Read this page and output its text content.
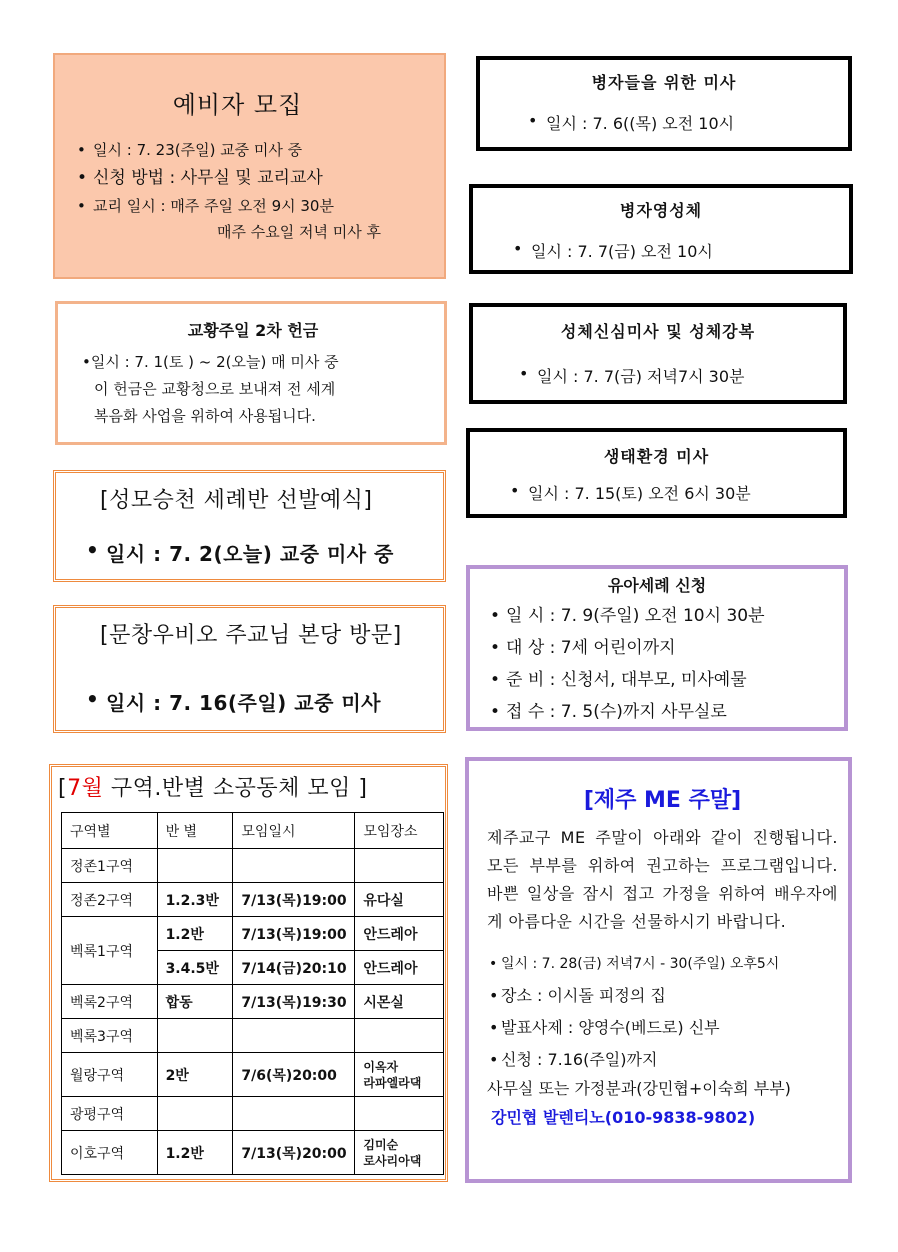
예비자 모집
• 일시 : 7. 23(주일) 교중 미사 중
• 신청 방법 : 사무실 및 교리교사
• 교리 일시 : 매주 주일 오전 9시 30분
매주 수요일 저녁 미사 후
교황주일 2차 헌금

•일시 : 7. 1(토 ) ~ 2(오늘) 매 미사 중

이 헌금은 교황청으로 보내져 전 세계

복음화 사업을 위하여 사용됩니다.

[성모승천 세례반 선발예식]
• 일시 : 7. 2(오늘) 교중 미사 중
[문창우비오 주교님 본당 방문]
• 일시 : 7. 16(주일) 교중 미사
병자들을 위한 미사
• 일시 : 7. 6((목) 오전 10시
병자영성체
• 일시 : 7. 7(금) 오전 10시
성체신심미사 및 성체강복
• 일시 : 7. 7(금) 저녁7시 30분
생태환경 미사
• 일시 : 7. 15(토) 오전 6시 30분
유아세례 신청
• 일 시 : 7. 9(주일) 오전 10시 30분
• 대 상 : 7세 어린이까지
• 준 비 : 신청서, 대부모, 미사예물
• 접 수 : 7. 5(수)까지 사무실로
[7월 구역.반별 소공동체 모임 ]
구역별	반 별	모임일시	모임장소
정존1구역			
정존2구역	1.2.3반	7/13(목)19:00	유다실
벡록1구역	1.2반	7/13(목)19:00	안드레아
	3.4.5반	7/14(금)20:10	안드레아
벡록2구역	합동	7/13(목)19:30	시몬실
벡록3구역			
월랑구역	2반	7/6(목)20:00	이옥자
라파엘라댁

광평구역			
이호구역	1.2반	7/13(목)20:00	김미순
로사리아댁
[제주 ME 주말]
제주교구 ME 주말이 아래와 같이 진행됩니다. 모든 부부를 위하여 권고하는 프로그램입니다. 바쁜 일상을 잠시 접고 가정을 위하여 배우자에게 아름다운 시간을 선물하시기 바랍니다.
• 일시 : 7. 28(금) 저녁7시 - 30(주일) 오후5시
• 장소 : 이시돌 피정의 집
• 발표사제 : 양영수(베드로) 신부
• 신청 : 7.16(주일)까지
사무실 또는 가정분과(강민협+이숙희 부부)
강민협 발렌티노(010-9838-9802)
